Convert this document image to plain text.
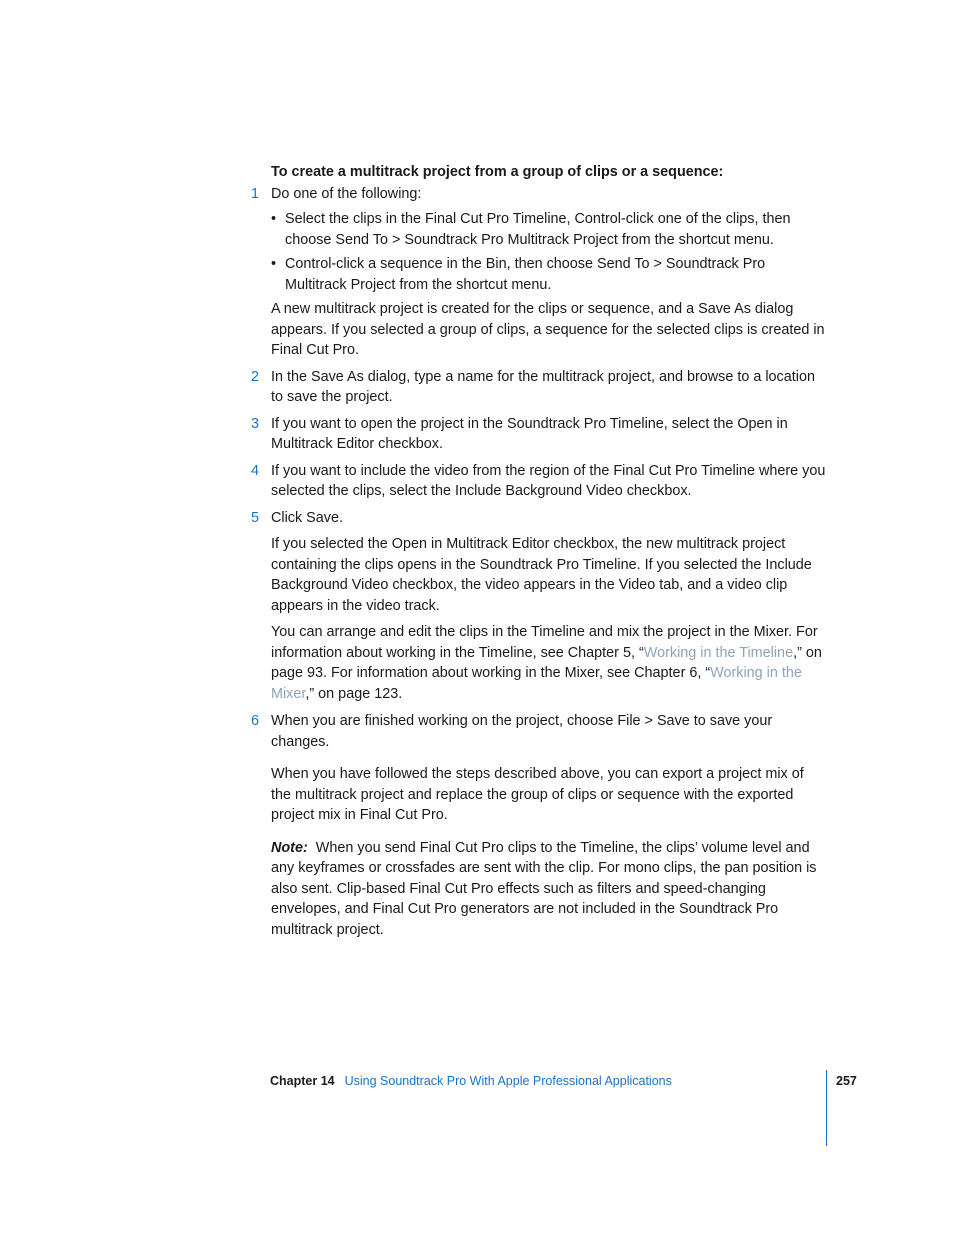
To create a multitrack project from a group of clips or a sequence:

1 Do one of the following:

• Select the clips in the Final Cut Pro Timeline, Control-click one of the clips, then choose Send To > Soundtrack Pro Multitrack Project from the shortcut menu.
• Control-click a sequence in the Bin, then choose Send To > Soundtrack Pro Multitrack Project from the shortcut menu.

A new multitrack project is created for the clips or sequence, and a Save As dialog appears. If you selected a group of clips, a sequence for the selected clips is created in Final Cut Pro.

2 In the Save As dialog, type a name for the multitrack project, and browse to a location to save the project.

3 If you want to open the project in the Soundtrack Pro Timeline, select the Open in Multitrack Editor checkbox.

4 If you want to include the video from the region of the Final Cut Pro Timeline where you selected the clips, select the Include Background Video checkbox.

5 Click Save.

If you selected the Open in Multitrack Editor checkbox, the new multitrack project containing the clips opens in the Soundtrack Pro Timeline. If you selected the Include Background Video checkbox, the video appears in the Video tab, and a video clip appears in the video track.

You can arrange and edit the clips in the Timeline and mix the project in the Mixer. For information about working in the Timeline, see Chapter 5, “Working in the Timeline,” on page 93. For information about working in the Mixer, see Chapter 6, “Working in the Mixer,” on page 123.

6 When you are finished working on the project, choose File > Save to save your changes.

When you have followed the steps described above, you can export a project mix of the multitrack project and replace the group of clips or sequence with the exported project mix in Final Cut Pro.

Note: When you send Final Cut Pro clips to the Timeline, the clips’ volume level and any keyframes or crossfades are sent with the clip. For mono clips, the pan position is also sent. Clip-based Final Cut Pro effects such as filters and speed-changing envelopes, and Final Cut Pro generators are not included in the Soundtrack Pro multitrack project.

Chapter 14 Using Soundtrack Pro With Apple Professional Applications	257
